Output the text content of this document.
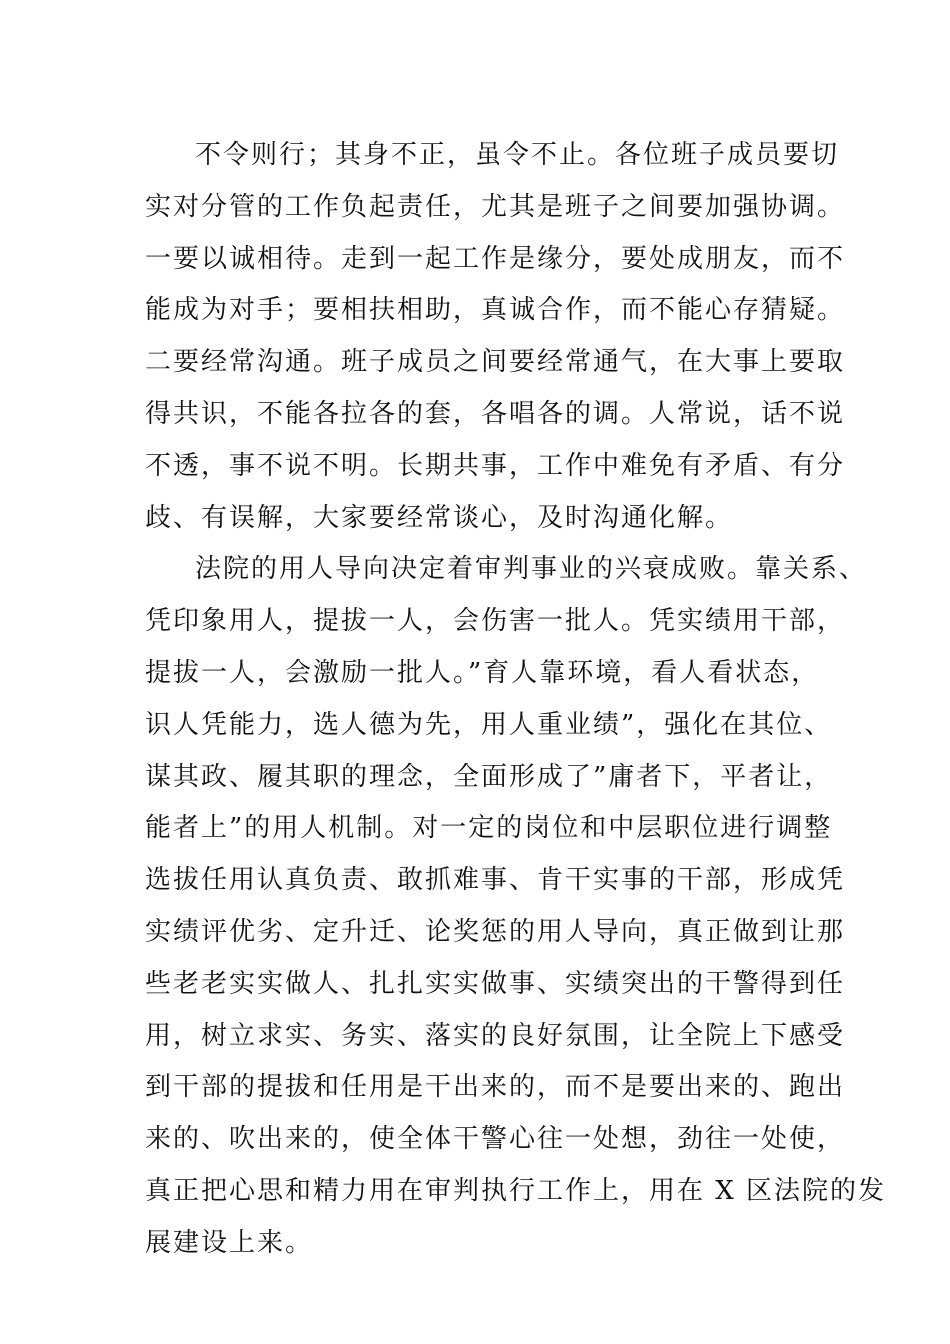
不令则行；其身不正，虽令不止。各位班子成员要切
实对分管的工作负起责任，尤其是班子之间要加强协调。
一要以诚相待。走到一起工作是缘分，要处成朋友，而不
能成为对手；要相扶相助，真诚合作，而不能心存猜疑。
二要经常沟通。班子成员之间要经常通气，在大事上要取
得共识，不能各拉各的套，各唱各的调。人常说，话不说
不透，事不说不明。长期共事，工作中难免有矛盾、有分
歧、有误解，大家要经常谈心，及时沟通化解。
法院的用人导向决定着审判事业的兴衰成败。靠关系、
凭印象用人，提拔一人，会伤害一批人。凭实绩用干部，
提拔一人，会激励一批人。”育人靠环境，看人看状态，
识人凭能力，选人德为先，用人重业绩”，强化在其位、
谋其政、履其职的理念，全面形成了”庸者下，平者让，
能者上”的用人机制。对一定的岗位和中层职位进行调整
选拔任用认真负责、敢抓难事、肯干实事的干部，形成凭
实绩评优劣、定升迁、论奖惩的用人导向，真正做到让那
些老老实实做人、扎扎实实做事、实绩突出的干警得到任
用，树立求实、务实、落实的良好氛围，让全院上下感受
到干部的提拔和任用是干出来的，而不是要出来的、跑出
来的、吹出来的，使全体干警心往一处想，劲往一处使，
真正把心思和精力用在审判执行工作上，用在 X 区法院的发
展建设上来。
